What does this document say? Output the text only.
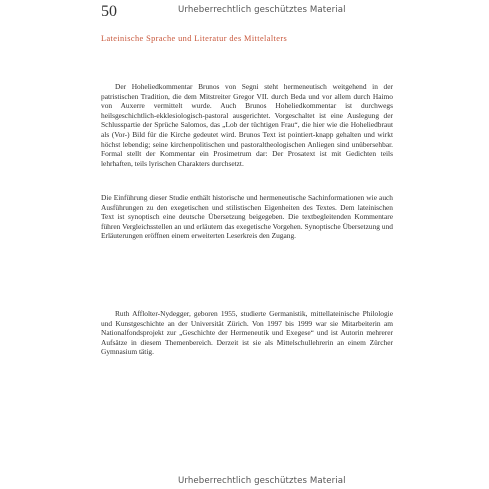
50	Urheberrechtlich geschütztes Material
Lateinische Sprache und Literatur des Mittelalters

Der Hoheliedkommentar Brunos von Segni steht hermeneutisch weitgehend in der patristischen Tradition, die dem Mitstreiter Gregor VII. durch Beda und vor allem durch Haimo von Auxerre vermittelt wurde. Auch Brunos Hoheliedkommentar ist durchwegs heilsgeschichtlich-ekklesiologisch-pastoral ausgerichtet. Vorgeschaltet ist eine Auslegung der Schlusspartie der Sprüche Salomos, das „Lob der tüchtigen Frau“, die hier wie die Hoheliedbraut als (Vor-) Bild für die Kirche gedeutet wird. Brunos Text ist pointiert-knapp gehalten und wirkt höchst lebendig; seine kirchenpolitischen und pastoraltheologischen Anliegen sind unübersehbar. Formal stellt der Kommentar ein Prosimetrum dar: Der Prosatext ist mit Gedichten teils lehrhaften, teils lyrischen Charakters durchsetzt.

Die Einführung dieser Studie enthält historische und hermeneutische Sachinformationen wie auch Ausführungen zu den exegetischen und stilistischen Eigenheiten des Textes. Dem lateinischen Text ist synoptisch eine deutsche Übersetzung beigegeben. Die textbegleitenden Kommentare führen Vergleichsstellen an und erläutern das exegetische Vorgehen. Synoptische Übersetzung und Erläuterungen eröffnen einem erweiterten Leserkreis den Zugang.

Ruth Afflolter-Nydegger, geboren 1955, studierte Germanistik, mittellateinische Philologie und Kunstgeschichte an der Universität Zürich. Von 1997 bis 1999 war sie Mitarbeiterin am Nationalfondsprojekt zur „Geschichte der Hermeneutik und Exegese“ und ist Autorin mehrerer Aufsätze in diesem Themenbereich. Derzeit ist sie als Mittelschullehrerin an einem Zürcher Gymnasium tätig.

Urheberrechtlich geschütztes Material
